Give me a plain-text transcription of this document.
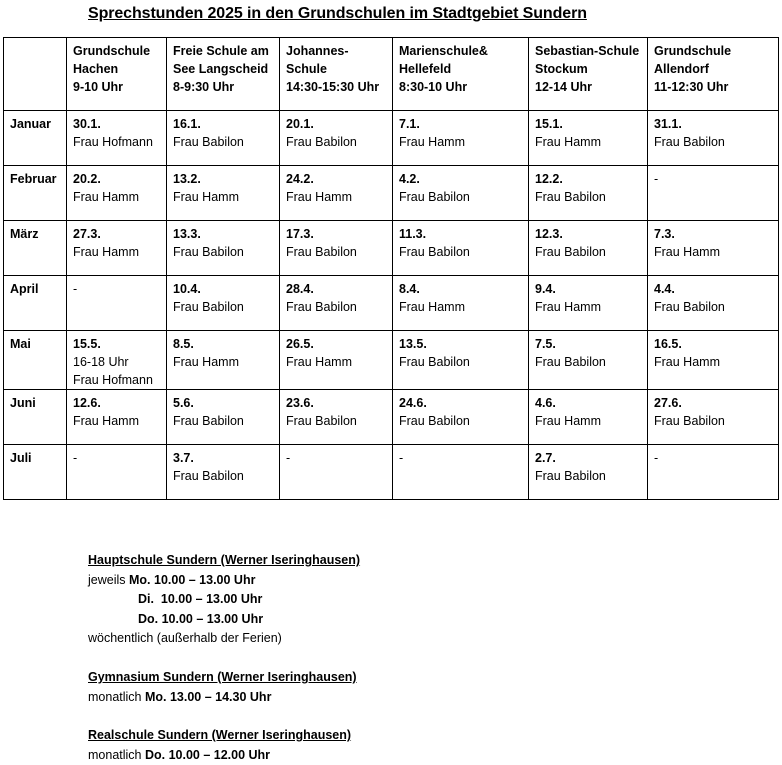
Sprechstunden 2025 in den Grundschulen im Stadtgebiet Sundern

	Grundschule
Hachen
9-10 Uhr	Freie Schule am
See Langscheid
8-9:30 Uhr	Johannes-
Schule
14:30-15:30 Uhr	Marienschule&
Hellefeld
8:30-10 Uhr	Sebastian-Schule
Stockum
12-14 Uhr	Grundschule
Allendorf
11-12:30 Uhr

Januar	30.1.
Frau Hofmann	16.1.
Frau Babilon	20.1.
Frau Babilon	7.1.
Frau Hamm	15.1.
Frau Hamm	31.1.
Frau Babilon

Februar	20.2.
Frau Hamm	13.2.
Frau Hamm	24.2.
Frau Hamm	4.2.
Frau Babilon	12.2.
Frau Babilon	-

März	27.3.
Frau Hamm	13.3.
Frau Babilon	17.3.
Frau Babilon	11.3.
Frau Babilon	12.3.
Frau Babilon	7.3.
Frau Hamm

April	-	10.4.
Frau Babilon	28.4.
Frau Babilon	8.4.
Frau Hamm	9.4.
Frau Hamm	4.4.
Frau Babilon

Mai	15.5.
16-18 Uhr
Frau Hofmann	8.5.
Frau Hamm	26.5.
Frau Hamm	13.5.
Frau Babilon	7.5.
Frau Babilon	16.5.
Frau Hamm

Juni	12.6.
Frau Hamm	5.6.
Frau Babilon	23.6.
Frau Babilon	24.6.
Frau Babilon	4.6.
Frau Hamm	27.6.
Frau Babilon

Juli	-	3.7.
Frau Babilon	-	-	2.7.
Frau Babilon	-
Hauptschule Sundern (Werner Iseringhausen)
jeweils Mo. 10.00 – 13.00 Uhr
Di.  10.00 – 13.00 Uhr
Do. 10.00 – 13.00 Uhr
wöchentlich (außerhalb der Ferien)
Gymnasium Sundern (Werner Iseringhausen)
monatlich Mo. 13.00 – 14.30 Uhr
Realschule Sundern (Werner Iseringhausen)
monatlich Do. 10.00 – 12.00 Uhr
